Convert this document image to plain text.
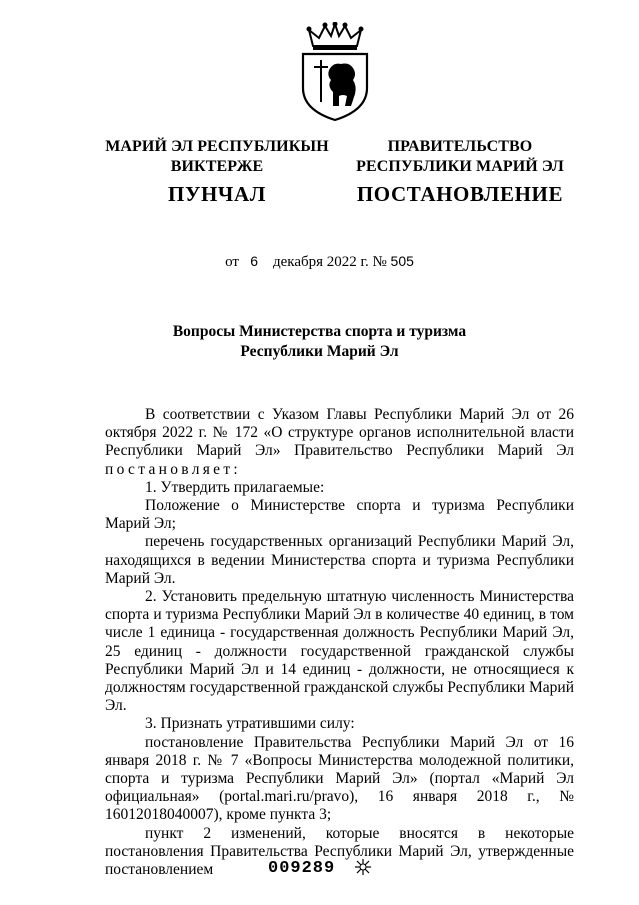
МАРИЙ ЭЛ РЕСПУБЛИКЫН
ВИКТЕРЖЕ
ПУНЧАЛ
ПРАВИТЕЛЬСТВО
РЕСПУБЛИКИ МАРИЙ ЭЛ
ПОСТАНОВЛЕНИЕ
от 6 декабря 2022 г. № 505
Вопросы Министерства спорта и туризма
Республики Марий Эл

В соответствии с Указом Главы Республики Марий Эл от 26 октября 2022 г. № 172 «О структуре органов исполнительной власти Республики Марий Эл» Правительство Республики Марий Эл постановляет:

1. Утвердить прилагаемые:

Положение о Министерстве спорта и туризма Республики Марий Эл;

перечень государственных организаций Республики Марий Эл, находящихся в ведении Министерства спорта и туризма Республики Марий Эл.

2. Установить предельную штатную численность Министерства спорта и туризма Республики Марий Эл в количестве 40 единиц, в том числе 1 единица - государственная должность Республики Марий Эл, 25 единиц - должности государственной гражданской службы Республики Марий Эл и 14 единиц - должности, не относящиеся к должностям государственной гражданской службы Республики Марий Эл.

3. Признать утратившими силу:

постановление Правительства Республики Марий Эл от 16 января 2018 г. № 7 «Вопросы Министерства молодежной политики, спорта и туризма Республики Марий Эл» (портал «Марий Эл официальная» (portal.mari.ru/pravo), 16 января 2018 г., № 16012018040007), кроме пункта 3;

пункт 2 изменений, которые вносятся в некоторые постановления Правительства Республики Марий Эл, утвержденные постановлением	009289
